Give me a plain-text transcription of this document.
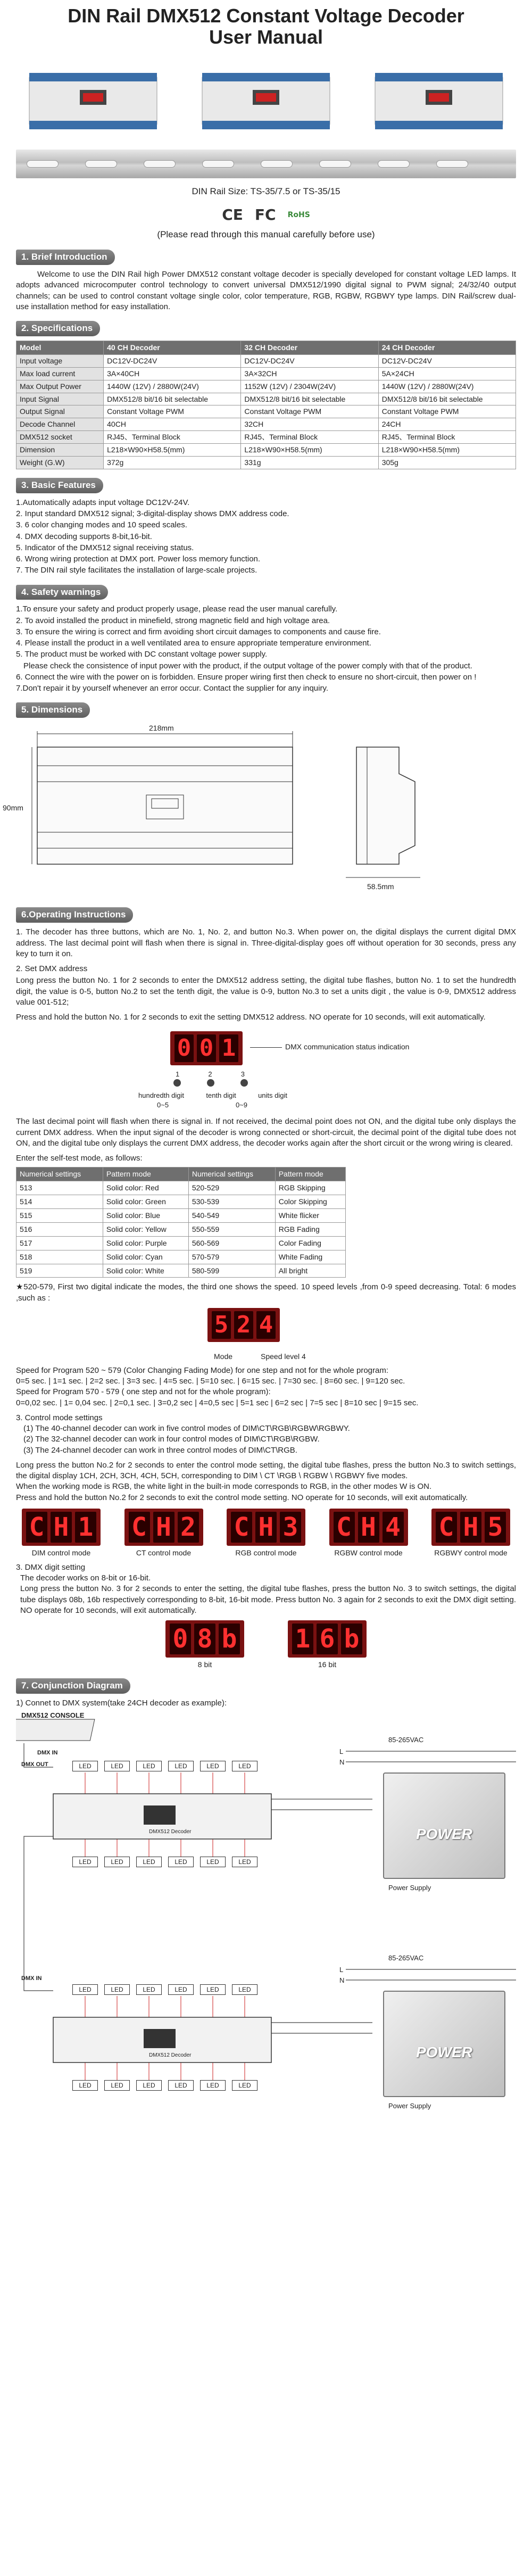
DIN Rail DMX512 Constant Voltage Decoder
User Manual
DIN Rail Size: TS-35/7.5 or TS-35/15
CE FC RoHS
(Please read through this manual carefully before use)
1. Brief Introduction
Welcome to use the DIN Rail high Power DMX512 constant voltage decoder is specially developed for constant voltage LED lamps. It adopts advanced microcomputer control technology to convert universal DMX512/1990 digital signal to PWM signal; 24/32/40 output channels; can be used to control constant voltage single color, color temperature, RGB, RGBW, RGBWY type lamps. DIN Rail/screw dual-use installation method for easy installation.
2. Specifications
Model	40 CH Decoder	32 CH Decoder	24 CH Decoder
Input voltage	DC12V-DC24V	DC12V-DC24V	DC12V-DC24V
Max load current	3A×40CH	3A×32CH	5A×24CH
Max Output Power	1440W (12V) / 2880W(24V)	1152W (12V) / 2304W(24V)	1440W (12V) / 2880W(24V)
Input Signal	DMX512/8 bit/16 bit selectable	DMX512/8 bit/16 bit selectable	DMX512/8 bit/16 bit selectable
Output Signal	Constant Voltage PWM	Constant Voltage PWM	Constant Voltage PWM
Decode Channel	40CH	32CH	24CH
DMX512 socket	RJ45、Terminal Block	RJ45、Terminal Block	RJ45、Terminal Block
Dimension	L218×W90×H58.5(mm)	L218×W90×H58.5(mm)	L218×W90×H58.5(mm)
Weight (G.W)	372g	331g	305g
3. Basic Features
1.Automatically adapts input voltage DC12V-24V.
2. Input standard DMX512 signal; 3-digital-display shows DMX address code.
3. 6 color changing modes and 10 speed scales.
4. DMX decoding supports 8-bit,16-bit.
5. Indicator of the DMX512 signal receiving status.
6. Wrong wiring protection at DMX port. Power loss memory function.
7. The DIN rail style facilitates the installation of large-scale projects.
4. Safety warnings
1.To ensure your safety and product properly usage, please read the user manual carefully.
2. To avoid installed the product in minefield, strong magnetic field and high voltage area.
3. To ensure the wiring is correct and firm avoiding short circuit damages to components and cause fire.
4. Please install the product in a well ventilated area to ensure appropriate temperature environment.
5. The product must be worked with DC constant voltage power supply.
Please check the consistence of input power with the product, if the output voltage of the power comply with that of the product.
6. Connect the wire with the power on is forbidden. Ensure proper wiring first then check to ensure no short-circuit, then power on !
7.Don't repair it by yourself whenever an error occur. Contact the supplier for any inquiry.
5. Dimensions
218mm
90mm
58.5mm
6.Operating Instructions
1. The decoder has three buttons, which are No. 1, No. 2, and button No.3. When power on, the digital displays the current digital DMX address. The last decimal point will flash when there is signal in. Three-digital-display goes off without operation for 30 seconds, press any key to turn it on.
2. Set DMX address
Long press the button No. 1 for 2 seconds to enter the DMX512 address setting, the digital tube flashes, button No. 1 to set the hundredth digit, the value is 0-5, button No.2 to set the tenth digit, the value is 0-9, button No.3 to set a units digit , the value is 0-9, DMX512 address value 001-512;
Press and hold the button No. 1 for 2 seconds to exit the setting DMX512 address. NO operate for 10 seconds, will exit automatically.
0 0 1	DMX communication status indication
1	2	3
hundredth digit	tenth digit	units digit
0~5	0~9
The last decimal point will flash when there is signal in. If not received, the decimal point does not ON, and the digital tube only displays the current DMX address. When the input signal of the decoder is wrong connected or short-circuit, the decimal point of the digital tube does not ON, and the digital tube only displays the current DMX address, the decoder works again after the short circuit or the wrong wiring is cleared.
Enter the self-test mode, as follows:
Numerical settings	Pattern mode	Numerical settings	Pattern mode
513	Solid color: Red	520-529	RGB Skipping
514	Solid color: Green	530-539	Color Skipping
515	Solid color: Blue	540-549	White flicker
516	Solid color: Yellow	550-559	RGB Fading
517	Solid color: Purple	560-569	Color Fading
518	Solid color: Cyan	570-579	White Fading
519	Solid color: White	580-599	All bright
★520-579, First two digital indicate the modes, the third one shows the speed. 10 speed levels ,from 0-9 speed decreasing. Total: 6 modes ,such as :
5 2 4
Mode	Speed level 4
Speed for Program 520 ~ 579 (Color Changing Fading Mode) for one step and not for the whole program:
0=5 sec. | 1=1 sec. | 2=2 sec. | 3=3 sec. | 4=5 sec. | 5=10 sec. | 6=15 sec. | 7=30 sec. | 8=60 sec. | 9=120 sec.
Speed for Program 570 - 579 ( one step and not for the whole program):
0=0,02 sec. | 1= 0,04 sec. | 2=0,1 sec. | 3=0,2 sec | 4=0,5 sec | 5=1 sec | 6=2 sec | 7=5 sec | 8=10 sec | 9=15 sec.
3. Control mode settings
(1) The 40-channel decoder can work in five control modes of DIM\CT\RGB\RGBW\RGBWY.
(2) The 32-channel decoder can work in four control modes of DIM\CT\RGB\RGBW.
(3) The 24-channel decoder can work in three control modes of DIM\CT\RGB.
Long press the button No.2 for 2 seconds to enter the control mode setting, the digital tube flashes, press the button No.3 to switch settings, the digital display 1CH, 2CH, 3CH, 4CH, 5CH, corresponding to DIM \ CT \RGB \ RGBW \ RGBWY five modes.
When the working mode is RGB, the white light in the built-in mode corresponds to RGB, in the other modes W is ON.
Press and hold the button No.2 for 2 seconds to exit the control mode setting. NO operate for 10 seconds, will exit automatically.
C H 1
DIM control mode
C H 2
CT control mode
C H 3
RGB control mode
C H 4
RGBW control mode
C H 5
RGBWY control mode
3. DMX digit setting
The decoder works on 8-bit or 16-bit.
Long press the button No. 3 for 2 seconds to enter the setting, the digital tube flashes, press the button No. 3 to switch settings, the digital tube displays 08b, 16b respectively corresponding to 8-bit, 16-bit mode. Press button No. 3 again for 2 seconds to exit the DMX digit setting. NO operate for 10 seconds, will exit automatically.
0 8 b
8 bit
1 6 b
16 bit
7. Conjunction Diagram
1) Connet to DMX system(take 24CH decoder as example):
DMX512 CONSOLE
DMX IN
DMX OUT
DMX IN
DMX512 Decoder
DMX512 Decoder
LED	LED	LED	LED	LED	LED
LED	LED	LED	LED	LED	LED
LED	LED	LED	LED	LED	LED
LED	LED	LED	LED	LED	LED
85-265VAC
L
N
POWER
Power Supply
85-265VAC
L
N
POWER
Power Supply
